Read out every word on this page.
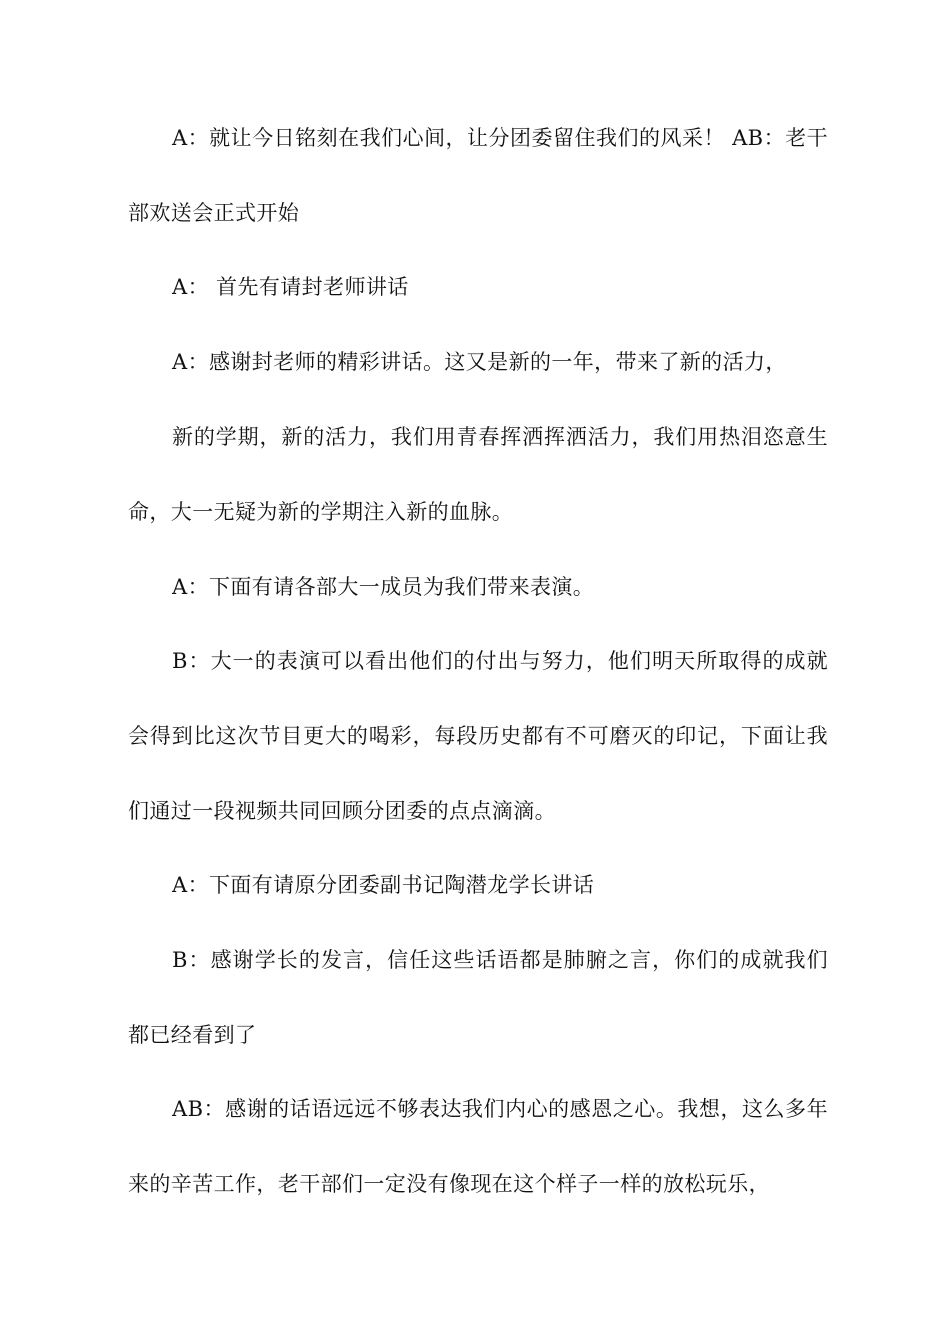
A：就让今日铭刻在我们心间，让分团委留住我们的风采！ AB：老干部欢送会正式开始

A： 首先有请封老师讲话

A：感谢封老师的精彩讲话。这又是新的一年，带来了新的活力，

新的学期，新的活力，我们用青春挥洒挥洒活力，我们用热泪恣意生命，大一无疑为新的学期注入新的血脉。

A：下面有请各部大一成员为我们带来表演。

B：大一的表演可以看出他们的付出与努力，他们明天所取得的成就会得到比这次节目更大的喝彩，每段历史都有不可磨灭的印记，下面让我们通过一段视频共同回顾分团委的点点滴滴。

A：下面有请原分团委副书记陶潜龙学长讲话

B：感谢学长的发言，信任这些话语都是肺腑之言，你们的成就我们都已经看到了

AB：感谢的话语远远不够表达我们内心的感恩之心。我想，这么多年来的辛苦工作，老干部们一定没有像现在这个样子一样的放松玩乐，
